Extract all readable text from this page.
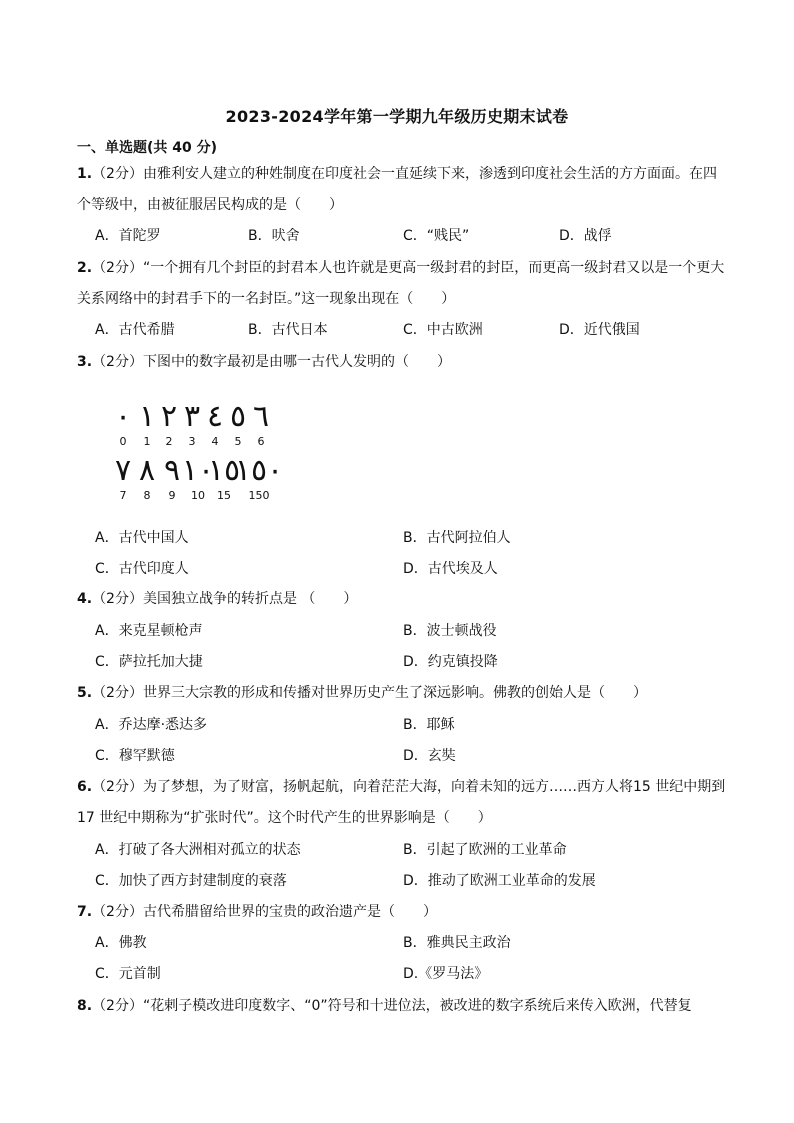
2023-2024学年第一学期九年级历史期末试卷
一、单选题(共 40 分)

1.（2分）由雅利安人建立的种姓制度在印度社会一直延续下来，渗透到印度社会生活的方方面面。在四个等级中，由被征服居民构成的是（　　）

A．首陀罗	B．吠舍	C．“贱民”	D．战俘

2.（2分）“一个拥有几个封臣的封君本人也许就是更高一级封君的封臣，而更高一级封君又以是一个更大关系网络中的封君手下的一名封臣。”这一现象出现在（　　）

A．古代希腊	B．古代日本	C．中古欧洲	D．近代俄国

3.（2分）下图中的数字最初是由哪一古代人发明的（　　）

٠ ١ ٢ ٣ ٤ ٥ ٦
0 1 2 3 4 5 6
٧ ٨ ٩ ١٠
١٥
١٥٠
7 8 9 10 15 150
A．古代中国人	B．古代阿拉伯人
C．古代印度人	D．古代埃及人

4.（2分）美国独立战争的转折点是 （　　）

A．来克星顿枪声	B．波士顿战役
C．萨拉托加大捷	D．约克镇投降

5.（2分）世界三大宗教的形成和传播对世界历史产生了深远影响。佛教的创始人是（　　）

A．乔达摩·悉达多	B．耶稣
C．穆罕默德	D．玄奘

6.（2分）为了梦想，为了财富，扬帆起航，向着茫茫大海，向着未知的远方……西方人将15 世纪中期到17 世纪中期称为“扩张时代”。这个时代产生的世界影响是（　　）

A．打破了各大洲相对孤立的状态	B．引起了欧洲的工业革命
C．加快了西方封建制度的衰落	D．推动了欧洲工业革命的发展

7.（2分）古代希腊留给世界的宝贵的政治遗产是（　　）

A．佛教	B．雅典民主政治
C．元首制	D.《罗马法》

8.（2分）“花剌子模改进印度数字、“0”符号和十进位法，被改进的数字系统后来传入欧洲，代替复
